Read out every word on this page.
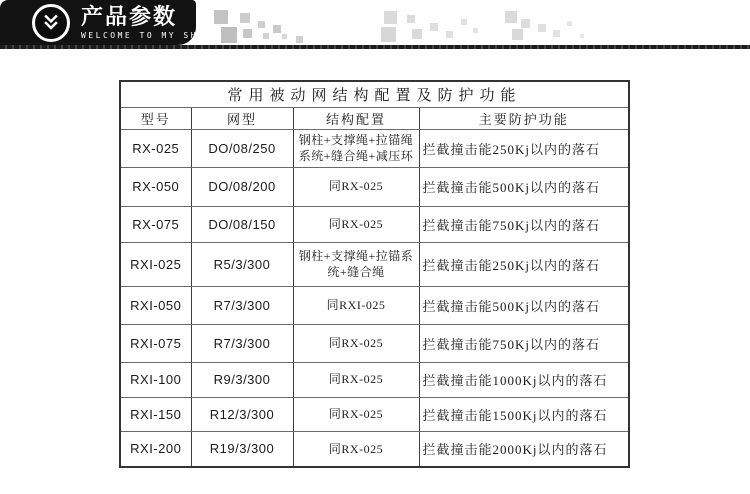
产品参数
WELCOME TO MY SHOP
常用被动网结构配置及防护功能			
型号	网型	结构配置	主要防护功能
RX-025	DO/08/250	钢柱+支撑绳+拉锚绳系统+缝合绳+减压环	拦截撞击能250Kj以内的落石
RX-050	DO/08/200	同RX-025	拦截撞击能500Kj以内的落石
RX-075	DO/08/150	同RX-025	拦截撞击能750Kj以内的落石
RXI-025	R5/3/300	钢柱+支撑绳+拉锚系统+缝合绳	拦截撞击能250Kj以内的落石
RXI-050	R7/3/300	同RXI-025	拦截撞击能500Kj以内的落石
RXI-075	R7/3/300	同RX-025	拦截撞击能750Kj以内的落石
RXI-100	R9/3/300	同RX-025	拦截撞击能1000Kj以内的落石
RXI-150	R12/3/300	同RX-025	拦截撞击能1500Kj以内的落石
RXI-200	R19/3/300	同RX-025	拦截撞击能2000Kj以内的落石
